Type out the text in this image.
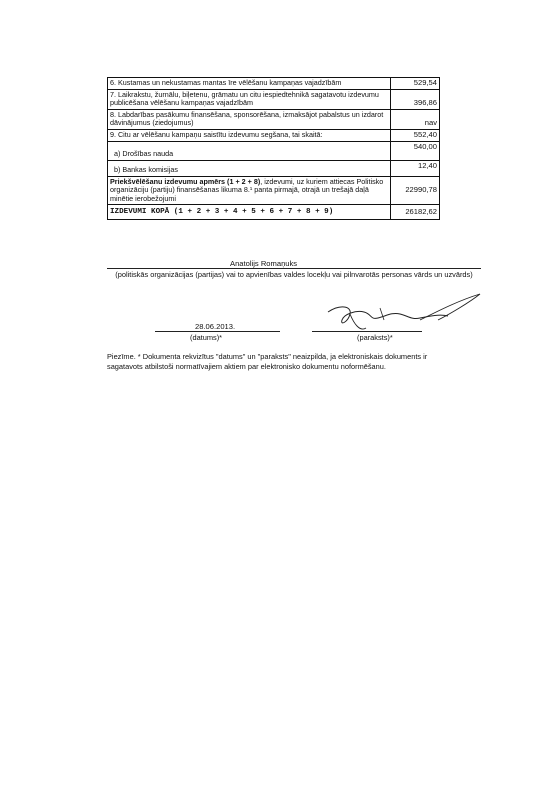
6. Kustamas un nekustamas mantas īre vēlēšanu kampaņas vajadzībām	529,54
7. Laikrakstu, žurnālu, biļetenu, grāmatu un citu iespiedtehnikā sagatavotu izdevumu publicēšana vēlēšanu kampaņas vajadzībām	396,86
8. Labdarības pasākumu finansēšana, sponsorēšana, izmaksājot pabalstus un izdarot dāvinājumus (ziedojumus)	nav
9. Citu ar vēlēšanu kampaņu saistītu izdevumu segšana, tai skaitā:	552,40
a) Drošības nauda	540,00
b) Bankas komisijas	12,40
Priekšvēlēšanu izdevumu apmērs (1 + 2 + 8), izdevumi, uz kuriem attiecas Politisko organizāciju (partiju) finansēšanas likuma 8.¹ panta pirmajā, otrajā un trešajā daļā minētie ierobežojumi	22990,78
IZDEVUMI KOPĀ (1 + 2 + 3 + 4 + 5 + 6 + 7 + 8 + 9)	26182,62
Anatolijs Romaņuks
(politiskās organizācijas (partijas) vai to apvienības valdes locekļu vai pilnvarotās personas vārds un uzvārds)
28.06.2013.
(datums)*	(paraksts)*
Piezīme. * Dokumenta rekvizītus "datums" un "paraksts" neaizpilda, ja elektroniskais dokuments ir sagatavots atbilstoši normatīvajiem aktiem par elektronisko dokumentu noformēšanu.
